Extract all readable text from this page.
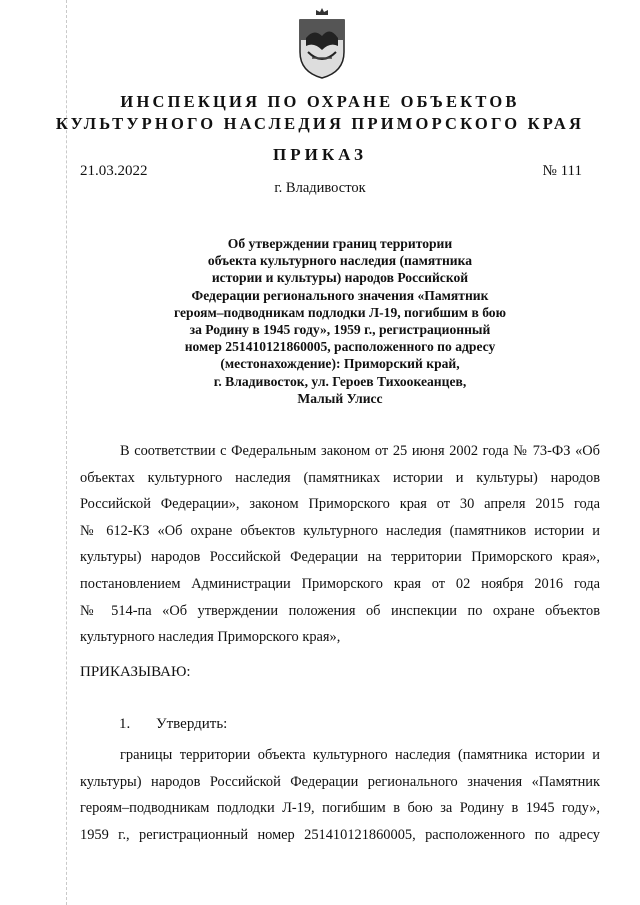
ИНСПЕКЦИЯ ПО ОХРАНЕ ОБЪЕКТОВ
КУЛЬТУРНОГО НАСЛЕДИЯ ПРИМОРСКОГО КРАЯ
ПРИКАЗ
21.03.2022	№ 111
г. Владивосток
Об утверждении границ территории
объекта культурного наследия (памятника
истории и культуры) народов Российской
Федерации регионального значения «Памятник
героям–подводникам подлодки Л-19, погибшим в бою
за Родину в 1945 году», 1959 г., регистрационный
номер 251410121860005, расположенного по адресу
(местонахождение): Приморский край,
г. Владивосток, ул. Героев Тихоокеанцев,
Малый Улисс
В соответствии с Федеральным законом от 25 июня 2002 года № 73-ФЗ «Об
объектах культурного наследия (памятниках истории и культуры) народов
Российской Федерации», законом Приморского края от 30 апреля 2015 года
№ 612-КЗ «Об охране объектов культурного наследия (памятников истории и
культуры) народов Российской Федерации на территории Приморского края»,
постановлением Администрации Приморского края от 02 ноября 2016 года
№ 514-па «Об утверждении положения об инспекции по охране объектов
культурного наследия Приморского края»,
ПРИКАЗЫВАЮ:
1. Утвердить:
границы территории объекта культурного наследия (памятника истории и
культуры) народов Российской Федерации регионального значения «Памятник
героям–подводникам подлодки Л-19, погибшим в бою за Родину в 1945 году»,
1959 г., регистрационный номер 251410121860005, расположенного по адресу
